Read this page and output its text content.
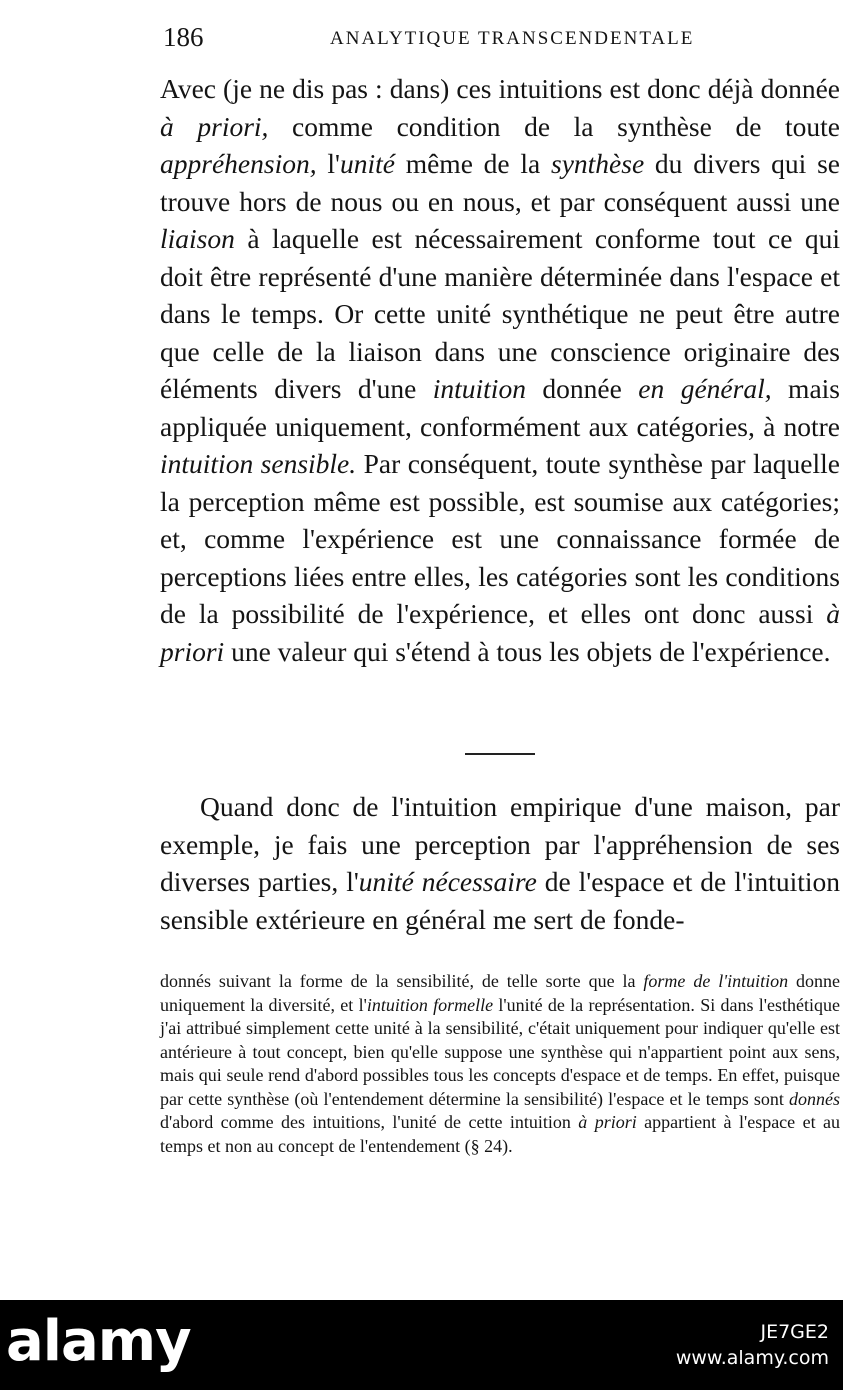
186	ANALYTIQUE TRANSCENDENTALE

Avec (je ne dis pas : dans) ces intuitions est donc déjà donnée à priori, comme condition de la synthèse de toute appréhension, l'unité même de la synthèse du divers qui se trouve hors de nous ou en nous, et par conséquent aussi une liaison à laquelle est nécessairement conforme tout ce qui doit être représenté d'une manière déterminée dans l'espace et dans le temps. Or cette unité synthétique ne peut être autre que celle de la liaison dans une conscience originaire des éléments divers d'une intuition donnée en général, mais appliquée uniquement, conformément aux catégories, à notre intuition sensible. Par conséquent, toute synthèse par laquelle la perception même est possible, est soumise aux catégories; et, comme l'expérience est une connaissance formée de perceptions liées entre elles, les catégories sont les conditions de la possibilité de l'expérience, et elles ont donc aussi à priori une valeur qui s'étend à tous les objets de l'expérience.

Quand donc de l'intuition empirique d'une maison, par exemple, je fais une perception par l'appréhension de ses diverses parties, l'unité nécessaire de l'espace et de l'intuition sensible extérieure en général me sert de fonde-

donnés suivant la forme de la sensibilité, de telle sorte que la forme de l'intuition donne uniquement la diversité, et l'intuition formelle l'unité de la représentation. Si dans l'esthétique j'ai attribué simplement cette unité à la sensibilité, c'était uniquement pour indiquer qu'elle est antérieure à tout concept, bien qu'elle suppose une synthèse qui n'appartient point aux sens, mais qui seule rend d'abord possibles tous les concepts d'espace et de temps. En effet, puisque par cette synthèse (où l'entendement détermine la sensibilité) l'espace et le temps sont donnés d'abord comme des intuitions, l'unité de cette intuition à priori appartient à l'espace et au temps et non au concept de l'entendement (§ 24).

alamy	JE7GE2
www.alamy.com
